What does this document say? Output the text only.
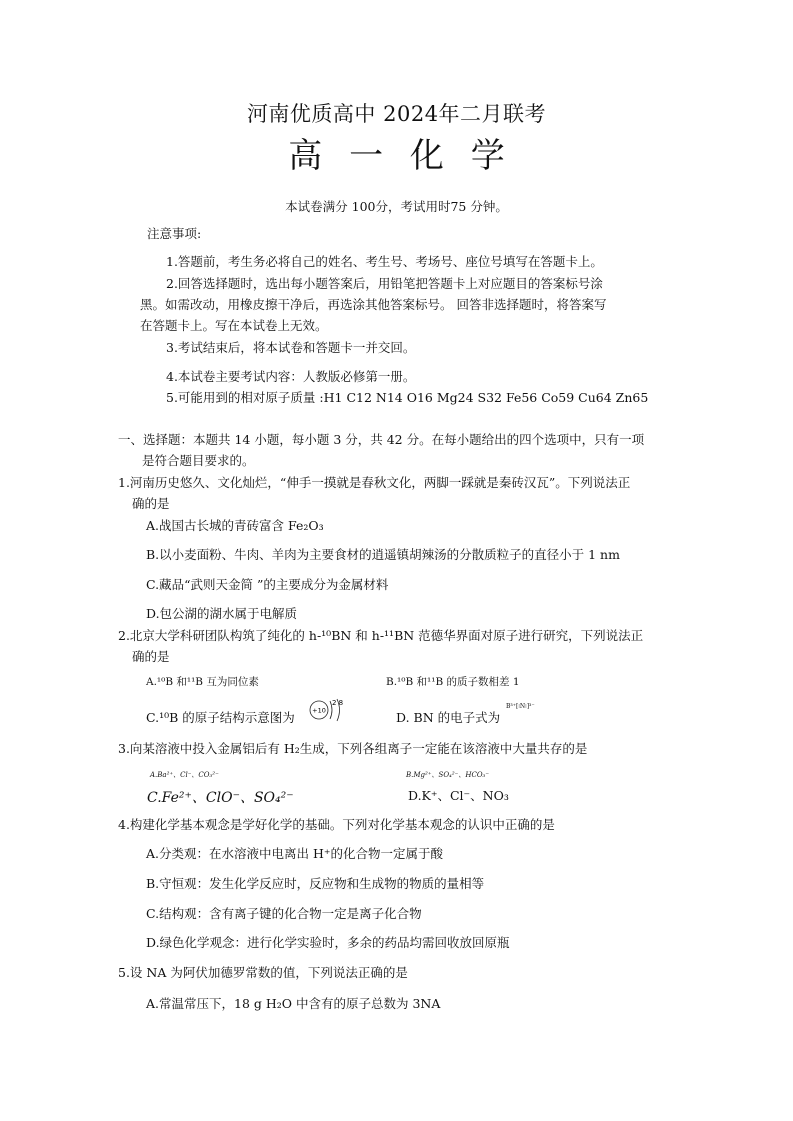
河南优质高中 2024年二月联考
高 一 化 学
本试卷满分 100分，考试用时75 分钟。
注意事项:
1.答题前，考生务必将自己的姓名、考生号、考场号、座位号填写在答题卡上。
2.回答选择题时，选出每小题答案后，用铅笔把答题卡上对应题目的答案标号涂
黑。如需改动，用橡皮擦干净后，再选涂其他答案标号。 回答非选择题时，将答案写
在答题卡上。写在本试卷上无效。
3.考试结束后，将本试卷和答题卡一并交回。
4.本试卷主要考试内容：人教版必修第一册。
5.可能用到的相对原子质量 :H1 C12 N14 O16 Mg24 S32 Fe56 Co59 Cu64 Zn65
一、选择题：本题共 14 小题，每小题 3 分，共 42 分。在每小题给出的四个选项中，只有一项
是符合题目要求的。
1.河南历史悠久、文化灿烂，“伸手一摸就是春秋文化，两脚一踩就是秦砖汉瓦”。下列说法正
确的是
A.战国古长城的青砖富含 Fe₂O₃
B.以小麦面粉、牛肉、羊肉为主要食材的逍遥镇胡辣汤的分散质粒子的直径小于 1 nm
C.藏品“武则天金简 ”的主要成分为金属材料
D.包公湖的湖水属于电解质
2.北京大学科研团队构筑了纯化的 h-¹⁰BN 和 h-¹¹BN 范德华界面对原子进行研究，下列说法正
确的是
A.¹⁰B 和¹¹B 互为同位素	B.¹⁰B 和¹¹B 的质子数相差 1
C.¹⁰B 的原子结构示意图为	+10
2 8
D. BN 的电子式为
B³⁺[∶N∶]³⁻
3.向某溶液中投入金属铝后有 H₂生成，下列各组离子一定能在该溶液中大量共存的是
A.Ba²⁺、Cl⁻、CO₃²⁻	B.Mg²⁺、SO₄²⁻、HCO₃⁻
C.Fe²⁺、ClO⁻、SO₄²⁻	D.K⁺、Cl⁻、NO₃
4.构建化学基本观念是学好化学的基础。下列对化学基本观念的认识中正确的是
A.分类观：在水溶液中电离出 H⁺的化合物一定属于酸
B.守恒观：发生化学反应时，反应物和生成物的物质的量相等
C.结构观：含有离子键的化合物一定是离子化合物
D.绿色化学观念：进行化学实验时，多余的药品均需回收放回原瓶
5.设 NA 为阿伏加德罗常数的值，下列说法正确的是
A.常温常压下，18 g H₂O 中含有的原子总数为 3NA
